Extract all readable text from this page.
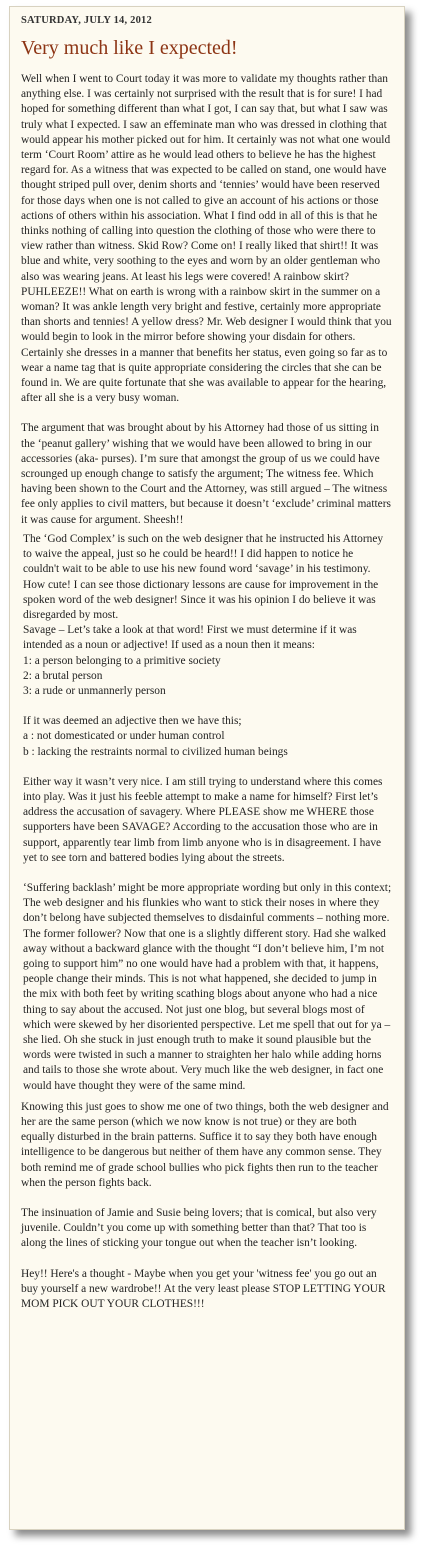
SATURDAY, JULY 14, 2012
Very much like I expected!

Well when I went to Court today it was more to validate my thoughts rather than anything else. I was certainly not surprised with the result that is for sure! I had hoped for something different than what I got, I can say that, but what I saw was truly what I expected. I saw an effeminate man who was dressed in clothing that would appear his mother picked out for him. It certainly was not what one would term ‘Court Room’ attire as he would lead others to believe he has the highest regard for. As a witness that was expected to be called on stand, one would have thought striped pull over, denim shorts and ‘tennies’ would have been reserved for those days when one is not called to give an account of his actions or those actions of others within his association. What I find odd in all of this is that he thinks nothing of calling into question the clothing of those who were there to view rather than witness. Skid Row? Come on! I really liked that shirt!! It was blue and white, very soothing to the eyes and worn by an older gentleman who also was wearing jeans. At least his legs were covered! A rainbow skirt? PUHLEEZE!! What on earth is wrong with a rainbow skirt in the summer on a woman? It was ankle length very bright and festive, certainly more appropriate than shorts and tennies! A yellow dress? Mr. Web designer I would think that you would begin to look in the mirror before showing your disdain for others. Certainly she dresses in a manner that benefits her status, even going so far as to wear a name tag that is quite appropriate considering the circles that she can be found in. We are quite fortunate that she was available to appear for the hearing, after all she is a very busy woman.

The argument that was brought about by his Attorney had those of us sitting in the ‘peanut gallery’ wishing that we would have been allowed to bring in our accessories (aka- purses). I’m sure that amongst the group of us we could have scrounged up enough change to satisfy the argument; The witness fee. Which having been shown to the Court and the Attorney, was still argued – The witness fee only applies to civil matters, but because it doesn’t ‘exclude’ criminal matters it was cause for argument. Sheesh!!

The ‘God Complex’ is such on the web designer that he instructed his Attorney to waive the appeal, just so he could be heard!! I did happen to notice he couldn't wait to be able to use his new found word ‘savage’ in his testimony. How cute! I can see those dictionary lessons are cause for improvement in the spoken word of the web designer! Since it was his opinion I do believe it was disregarded by most.

Savage – Let’s take a look at that word! First we must determine if it was intended as a noun or adjective! If used as a noun then it means:

1: a person belonging to a primitive society
2: a brutal person
3: a rude or unmannerly person
If it was deemed an adjective then we have this;
a : not domesticated or under human control
b : lacking the restraints normal to civilized human beings

Either way it wasn’t very nice. I am still trying to understand where this comes into play. Was it just his feeble attempt to make a name for himself? First let’s address the accusation of savagery. Where PLEASE show me WHERE those supporters have been SAVAGE? According to the accusation those who are in support, apparently tear limb from limb anyone who is in disagreement. I have yet to see torn and battered bodies lying about the streets.

‘Suffering backlash’ might be more appropriate wording but only in this context; The web designer and his flunkies who want to stick their noses in where they don’t belong have subjected themselves to disdainful comments – nothing more. The former follower? Now that one is a slightly different story. Had she walked away without a backward glance with the thought “I don’t believe him, I’m not going to support him” no one would have had a problem with that, it happens, people change their minds. This is not what happened, she decided to jump in the mix with both feet by writing scathing blogs about anyone who had a nice thing to say about the accused. Not just one blog, but several blogs most of which were skewed by her disoriented perspective. Let me spell that out for ya – she lied. Oh she stuck in just enough truth to make it sound plausible but the words were twisted in such a manner to straighten her halo while adding horns and tails to those she wrote about. Very much like the web designer, in fact one would have thought they were of the same mind.

Knowing this just goes to show me one of two things, both the web designer and her are the same person (which we now know is not true) or they are both equally disturbed in the brain patterns. Suffice it to say they both have enough intelligence to be dangerous but neither of them have any common sense. They both remind me of grade school bullies who pick fights then run to the teacher when the person fights back.

The insinuation of Jamie and Susie being lovers; that is comical, but also very juvenile. Couldn’t you come up with something better than that? That too is along the lines of sticking your tongue out when the teacher isn’t looking.

Hey!! Here's a thought - Maybe when you get your 'witness fee' you go out an buy yourself a new wardrobe!! At the very least please STOP LETTING YOUR MOM PICK OUT YOUR CLOTHES!!!
